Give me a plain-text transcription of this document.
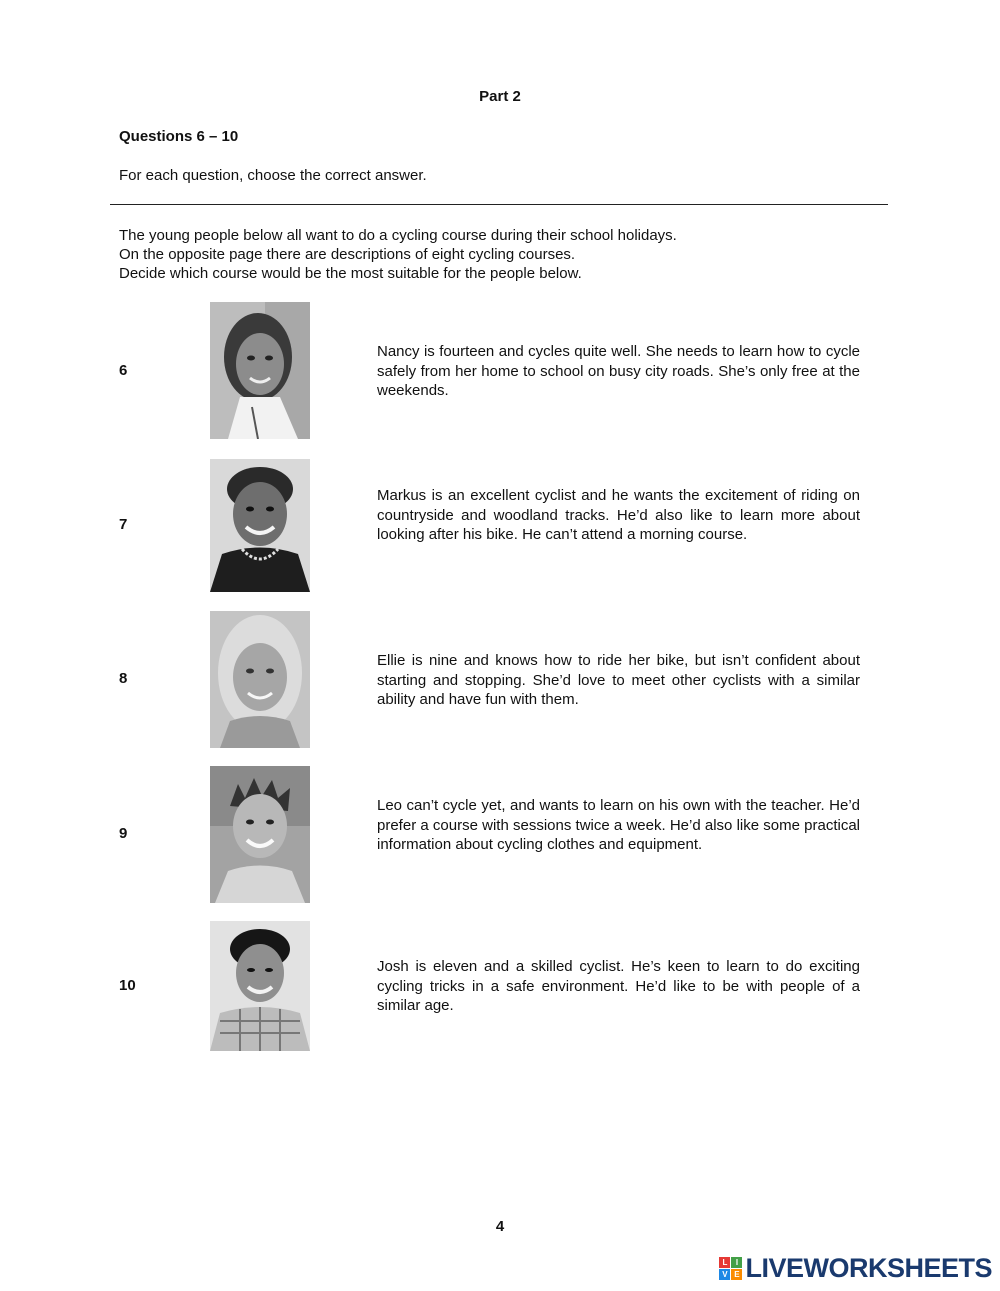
Part 2
Questions 6 – 10
For each question, choose the correct answer.
The young people below all want to do a cycling course during their school holidays.
On the opposite page there are descriptions of eight cycling courses.
Decide which course would be the most suitable for the people below.
6
Nancy is fourteen and cycles quite well. She needs to learn how to cycle safely from her home to school on busy city roads. She’s only free at the weekends.
7
Markus is an excellent cyclist and he wants the excitement of riding on countryside and woodland tracks. He’d also like to learn more about looking after his bike. He can’t attend a morning course.
8
Ellie is nine and knows how to ride her bike, but isn’t confident about starting and stopping. She’d love to meet other cyclists with a similar ability and have fun with them.
9
Leo can’t cycle yet, and wants to learn on his own with the teacher. He’d prefer a course with sessions twice a week. He’d also like some practical information about cycling clothes and equipment.
10
Josh is eleven and a skilled cyclist. He’s keen to learn to do exciting cycling tricks in a safe environment. He’d like to be with people of a similar age.
4
L	I
V E LIVEWORKSHEETS
